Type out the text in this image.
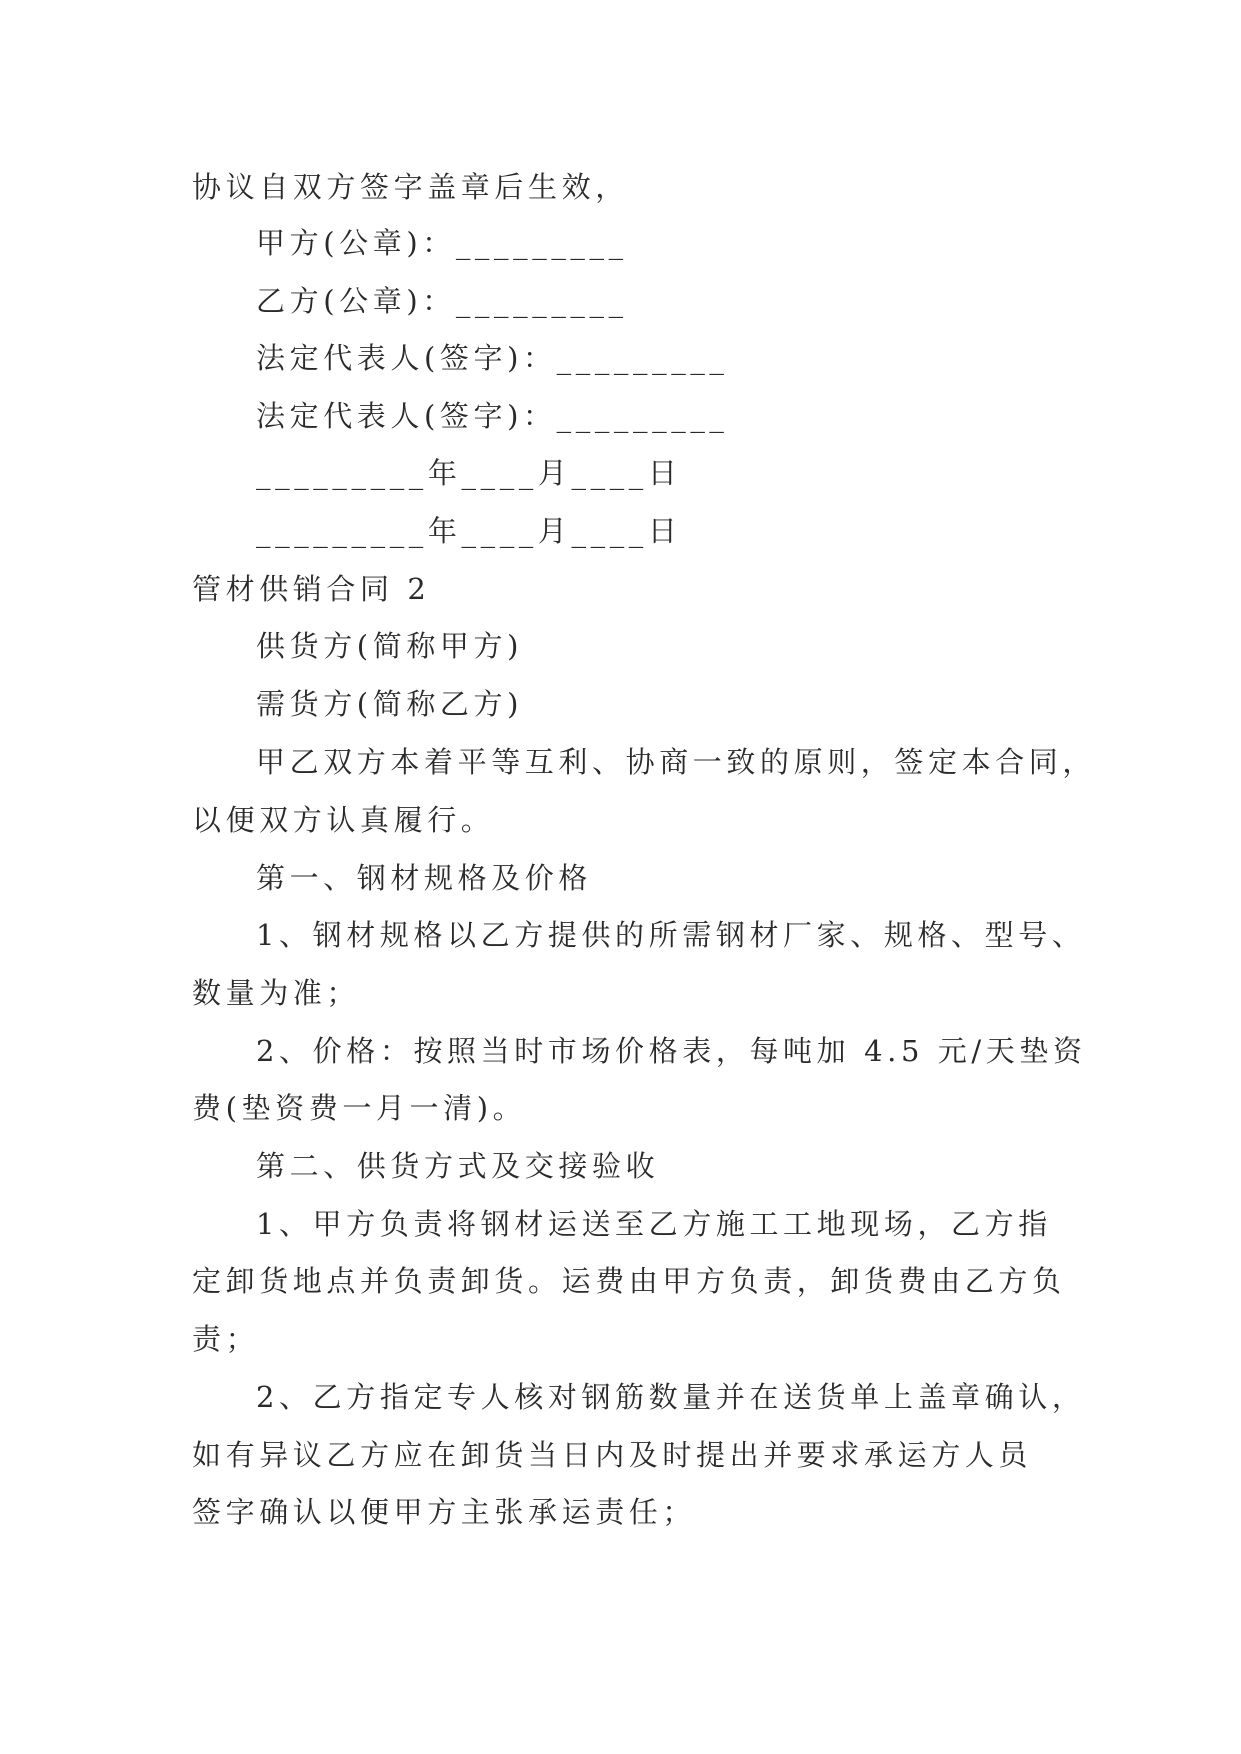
协议自双方签字盖章后生效，
甲方(公章)：_________
乙方(公章)：_________
法定代表人(签字)：_________
法定代表人(签字)：_________
_________年____月____日
_________年____月____日
管材供销合同 2
供货方(简称甲方)
需货方(简称乙方)
甲乙双方本着平等互利、协商一致的原则，签定本合同，
以便双方认真履行。
第一、钢材规格及价格
1、钢材规格以乙方提供的所需钢材厂家、规格、型号、
数量为准；
2、价格：按照当时市场价格表，每吨加 4.5 元/天垫资
费(垫资费一月一清)。
第二、供货方式及交接验收
1、甲方负责将钢材运送至乙方施工工地现场，乙方指
定卸货地点并负责卸货。运费由甲方负责，卸货费由乙方负
责；
2、乙方指定专人核对钢筋数量并在送货单上盖章确认，
如有异议乙方应在卸货当日内及时提出并要求承运方人员
签字确认以便甲方主张承运责任；
